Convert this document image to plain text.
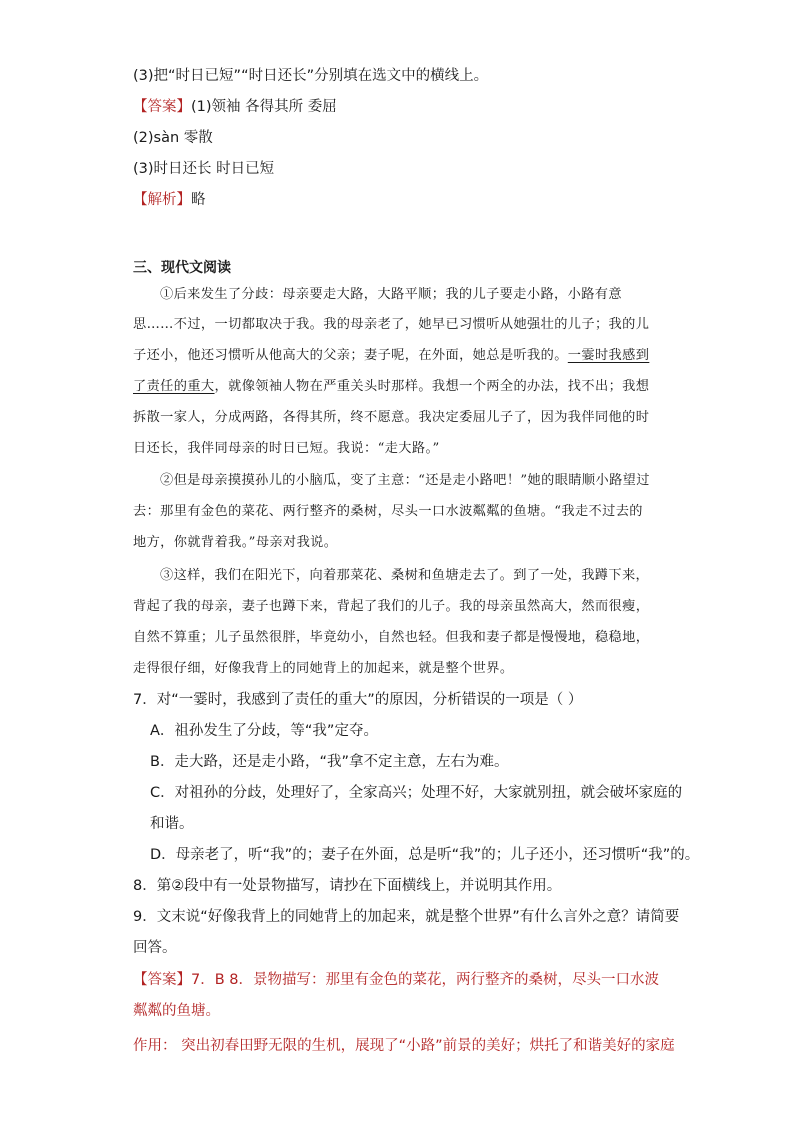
(3)把“时日已短”“时日还长”分别填在选文中的横线上。
【答案】(1)领袖 各得其所 委屈
(2)sàn 零散
(3)时日还长 时日已短
【解析】略
三、现代文阅读
①后来发生了分歧：母亲要走大路，大路平顺；我的儿子要走小路，小路有意
思……不过，一切都取决于我。我的母亲老了，她早已习惯听从她强壮的儿子；我的儿
子还小，他还习惯听从他高大的父亲；妻子呢，在外面，她总是听我的。一霎时我感到
了责任的重大，就像领袖人物在严重关头时那样。我想一个两全的办法，找不出；我想
拆散一家人，分成两路，各得其所，终不愿意。我决定委屈儿子了，因为我伴同他的时
日还长，我伴同母亲的时日已短。我说：“走大路。”
②但是母亲摸摸孙儿的小脑瓜，变了主意：“还是走小路吧！”她的眼睛顺小路望过
去：那里有金色的菜花、两行整齐的桑树，尽头一口水波粼粼的鱼塘。“我走不过去的
地方，你就背着我。”母亲对我说。
③这样，我们在阳光下，向着那菜花、桑树和鱼塘走去了。到了一处，我蹲下来，
背起了我的母亲，妻子也蹲下来，背起了我们的儿子。我的母亲虽然高大，然而很瘦，
自然不算重；儿子虽然很胖，毕竟幼小，自然也轻。但我和妻子都是慢慢地，稳稳地，
走得很仔细，好像我背上的同她背上的加起来，就是整个世界。
7．对“一霎时，我感到了责任的重大”的原因，分析错误的一项是（ ）
A．祖孙发生了分歧，等“我”定夺。
B．走大路，还是走小路，“我”拿不定主意，左右为难。
C．对祖孙的分歧，处理好了，全家高兴；处理不好，大家就别扭，就会破坏家庭的
和谐。
D．母亲老了，听“我”的；妻子在外面，总是听“我”的；儿子还小，还习惯听“我”的。
8．第②段中有一处景物描写，请抄在下面横线上，并说明其作用。
9．文末说“好像我背上的同她背上的加起来，就是整个世界”有什么言外之意？请简要
回答。
【答案】7．B 8．景物描写：那里有金色的菜花，两行整齐的桑树，尽头一口水波
粼粼的鱼塘。
作用： 突出初春田野无限的生机，展现了“小路”前景的美好；烘托了和谐美好的家庭
